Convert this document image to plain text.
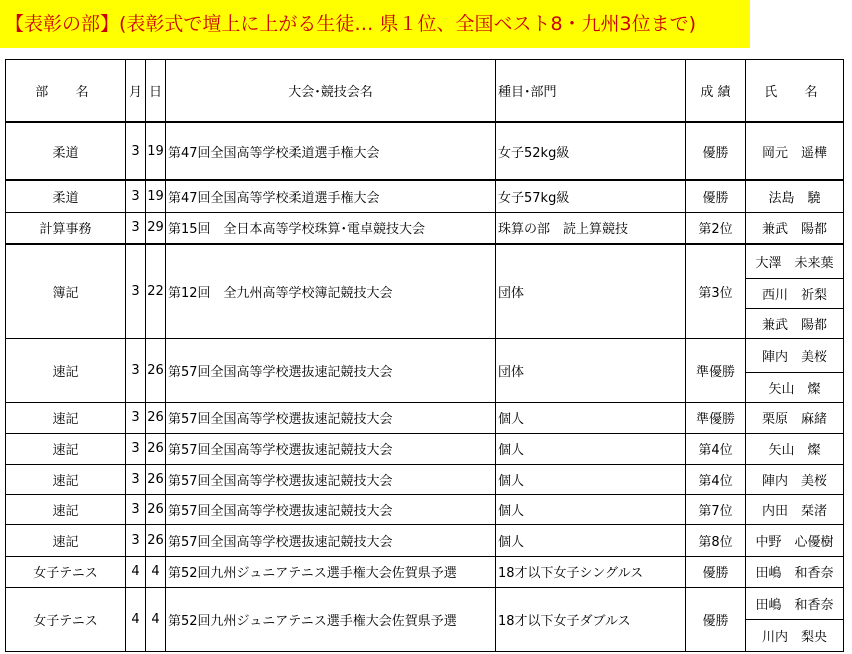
【表彰の部】(表彰式で壇上に上がる生徒… 県１位、全国ベスト8・九州3位まで)
部　名	月	日	大会･競技会名	種目･部門	成 績	氏　名
柔道	3	19	第47回全国高等学校柔道選手権大会	女子52kg級	優勝	岡元　遥樺
柔道	3	19	第47回全国高等学校柔道選手権大会	女子57kg級	優勝	法島　驍
計算事務	3	29	第15回　全日本高等学校珠算･電卓競技大会	珠算の部　読上算競技	第2位	兼武　陽都
簿記	3	22	第12回　全九州高等学校簿記競技大会	団体	第3位	大澤　未来葉
						西川　祈梨
						兼武　陽都
速記	3	26	第57回全国高等学校選抜速記競技大会	団体	準優勝	陣内　美桜
						矢山　燦
速記	3	26	第57回全国高等学校選抜速記競技大会	個人	準優勝	栗原　麻緒
速記	3	26	第57回全国高等学校選抜速記競技大会	個人	第4位	矢山　燦
速記	3	26	第57回全国高等学校選抜速記競技大会	個人	第4位	陣内　美桜
速記	3	26	第57回全国高等学校選抜速記競技大会	個人	第7位	内田　栞渚
速記	3	26	第57回全国高等学校選抜速記競技大会	個人	第8位	中野　心優樹
女子テニス	4	4	第52回九州ジュニアテニス選手権大会佐賀県予選	18才以下女子シングルス	優勝	田嶋　和香奈
女子テニス	4	4	第52回九州ジュニアテニス選手権大会佐賀県予選	18才以下女子ダブルス	優勝	田嶋　和香奈
						川内　梨央
